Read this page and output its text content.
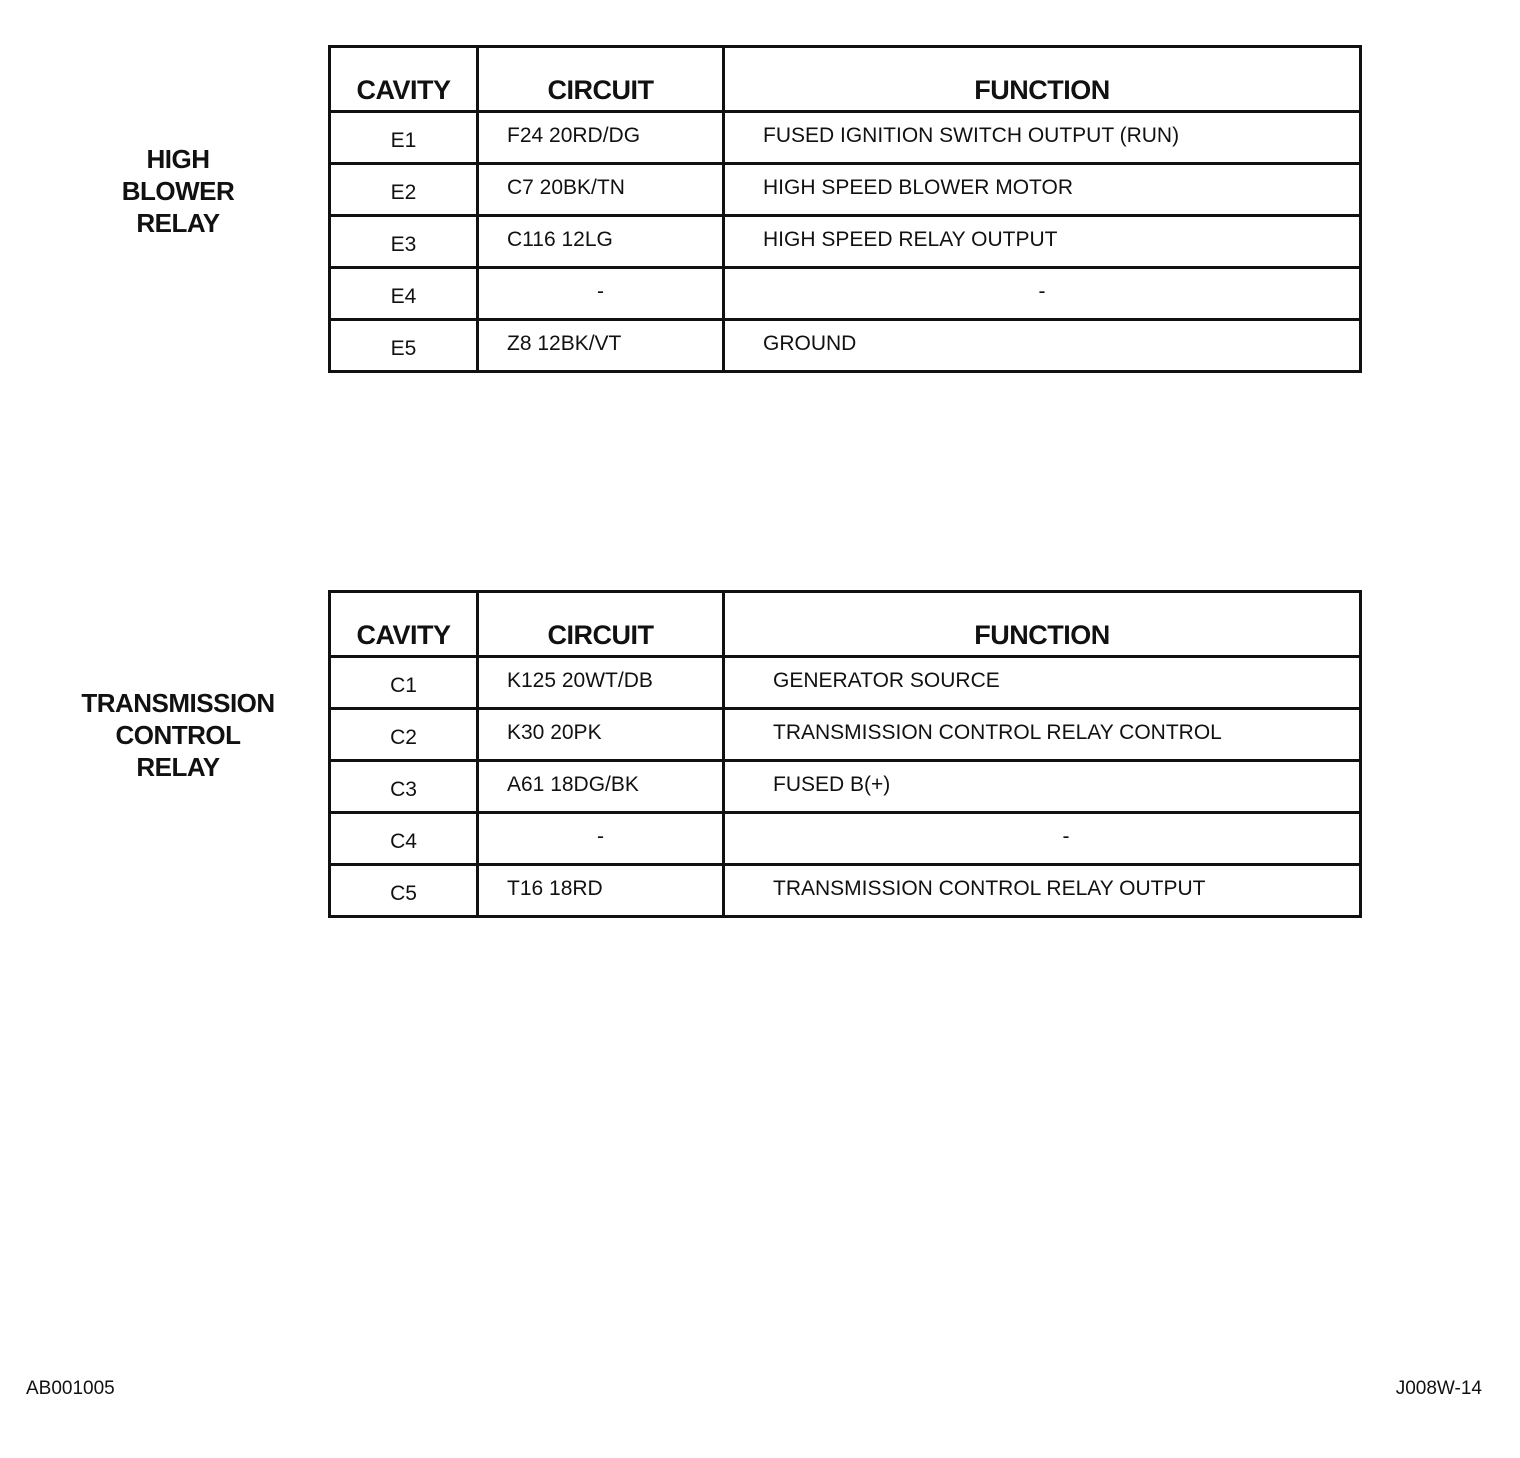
HIGH
BLOWER
RELAY
CAVITY	CIRCUIT	FUNCTION
E1	F24 20RD/DG	FUSED IGNITION SWITCH OUTPUT (RUN)
E2	C7 20BK/TN	HIGH SPEED BLOWER MOTOR
E3	C116 12LG	HIGH SPEED RELAY OUTPUT
E4	-	-
E5	Z8 12BK/VT	GROUND
TRANSMISSION
CONTROL
RELAY
CAVITY	CIRCUIT	FUNCTION
C1	K125 20WT/DB	GENERATOR SOURCE
C2	K30 20PK	TRANSMISSION CONTROL RELAY CONTROL
C3	A61 18DG/BK	FUSED B(+)
C4	-	-
C5	T16 18RD	TRANSMISSION CONTROL RELAY OUTPUT
AB001005	J008W-14
